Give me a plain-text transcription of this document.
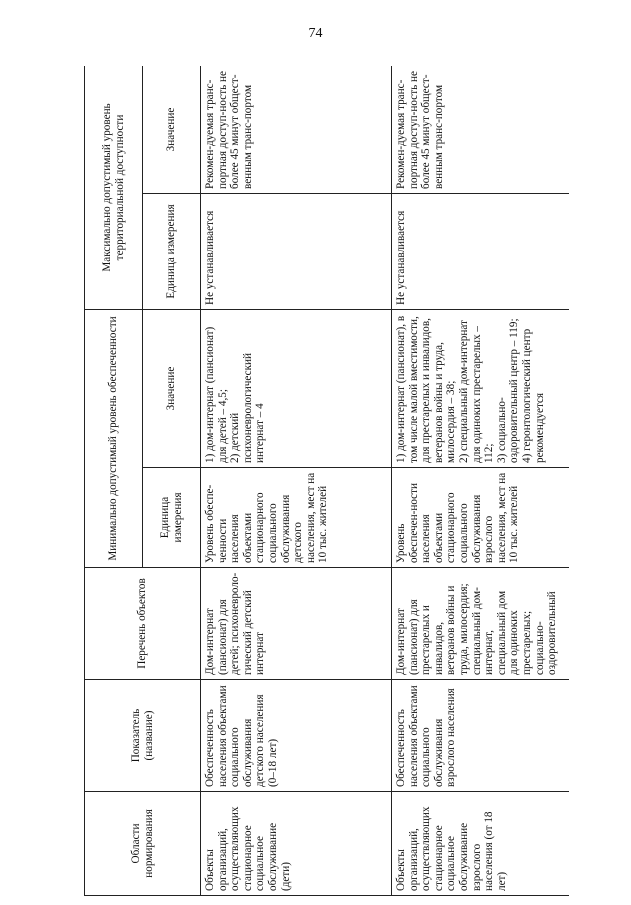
74
Области нормирования	Показатель (название)	Перечень объектов	Минимально допустимый уровень обеспеченности		Максимально допустимый уровень территориальной доступности	
			Единица измерения	Значение	Единица измерения	Значение
Объекты организаций, осуществляющих стационарное социальное обслуживание (дети)	Обеспеченность населения объектами социального обслуживания детского населения (0–18 лет)	Дом-интернат (пансионат) для детей; психоневролo-гический детский интернат	Уровень обеспе-ченности населения объектами стационарного социального обслуживания детского населения, мест на 10 тыс. жителей	1) дом-интернат (пансионат) для детей – 4,5;
2) детский психоневрологический интернат – 4	Не устанавливается	Рекомен-дуемая транс-портная доступ-ность не более 45 минут общест-венным транс-портом
Объекты организаций, осуществляющих стационарное социальное обслуживание взрослого населения (от 18 лет)	Обеспеченность населения объектами социального обслуживания взрослого населения	Дом-интернат (пансионат) для престарелых и инвалидов, ветеранов войны и труда, милосердия; специальный дом-интернат, специальный дом для одиноких престарелых; социально-оздоровительный	Уровень обеспечен-ности населения объектами стационарного социального обслуживания взрослого населения, мест на 10 тыс. жителей	1) дом-интернат (пансионат), в том числе малой вместимости, для престарелых и инвалидов, ветеранов войны и труда, милосердия – 38;
2) специальный дом-интернат для одиноких престарелых – 112;
3) социально-оздоровительный центр – 119;
4) геронтологический центр рекомендуется	Не устанавливается	Рекомен-дуемая транс-портная доступ-ность не более 45 минут общест-венным транс-портом
